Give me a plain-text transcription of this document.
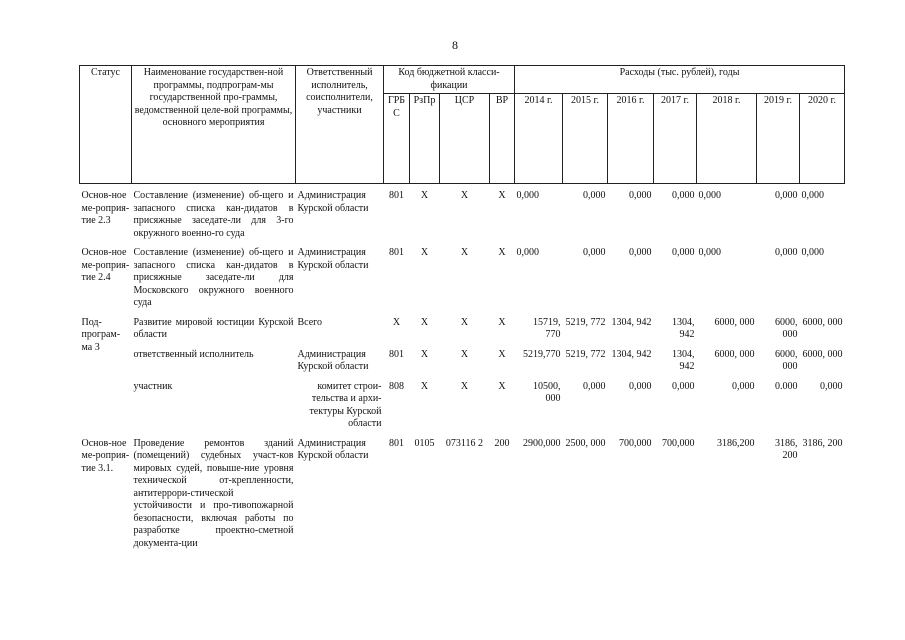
8
Статус	Наименование государствен-ной программы, подпрограм-мы государственной про-граммы, ведомственной целе-вой программы, основного мероприятия	Ответственный исполнитель, соисполнители, участники	Код бюджетной класси-фикации				Расходы (тыс. рублей), годы						
			ГРБ С	РзПр	ЦСР	ВР	2014 г.	2015 г.	2016 г.	2017 г.	2018 г.	2019 г.	2020 г.
Основ-ное ме-роприя-тие 2.3	Составление (изменение) об-щего и запасного списка кан-дидатов в присяжные заседате-ли для 3-го окружного военно-го суда	Администрация Курской области	801	Х	Х	Х	0,000	0,000	0,000	0,000	0,000	0,000	0,000
Основ-ное ме-роприя-тие 2.4	Составление (изменение) об-щего и запасного списка кан-дидатов в присяжные заседате-ли для Московского окружного военного суда	Администрация Курской области	801	Х	Х	Х	0,000	0,000	0,000	0,000	0,000	0,000	0,000
Под-програм-ма 3	Развитие мировой юстиции Курской области	Всего	Х	Х	Х	Х	15719, 770	5219, 772	1304, 942	1304, 942	6000, 000	6000, 000	6000, 000
	ответственный исполнитель	Администрация Курской области	801	Х	Х	Х	5219,770	5219, 772	1304, 942	1304, 942	6000, 000	6000, 000	6000, 000
	участник	комитет строи-тельства и архи-тектуры Курской области	808	Х	Х	Х	10500, 000	0,000	0,000	0,000	0,000	0.000	0,000
Основ-ное ме-роприя-тие 3.1.	Проведение ремонтов зданий (помещений) судебных участ-ков мировых судей, повыше-ние уровня технической от-крепленности, антитеррори-стической устойчивости и про-тивопожарной безопасности, включая работы по разработке проектно-сметной документа-ции	Администрация Курской области	801	0105	073116 2	200	2900,000	2500, 000	700,000	700,000	3186,200	3186, 200	3186, 200
